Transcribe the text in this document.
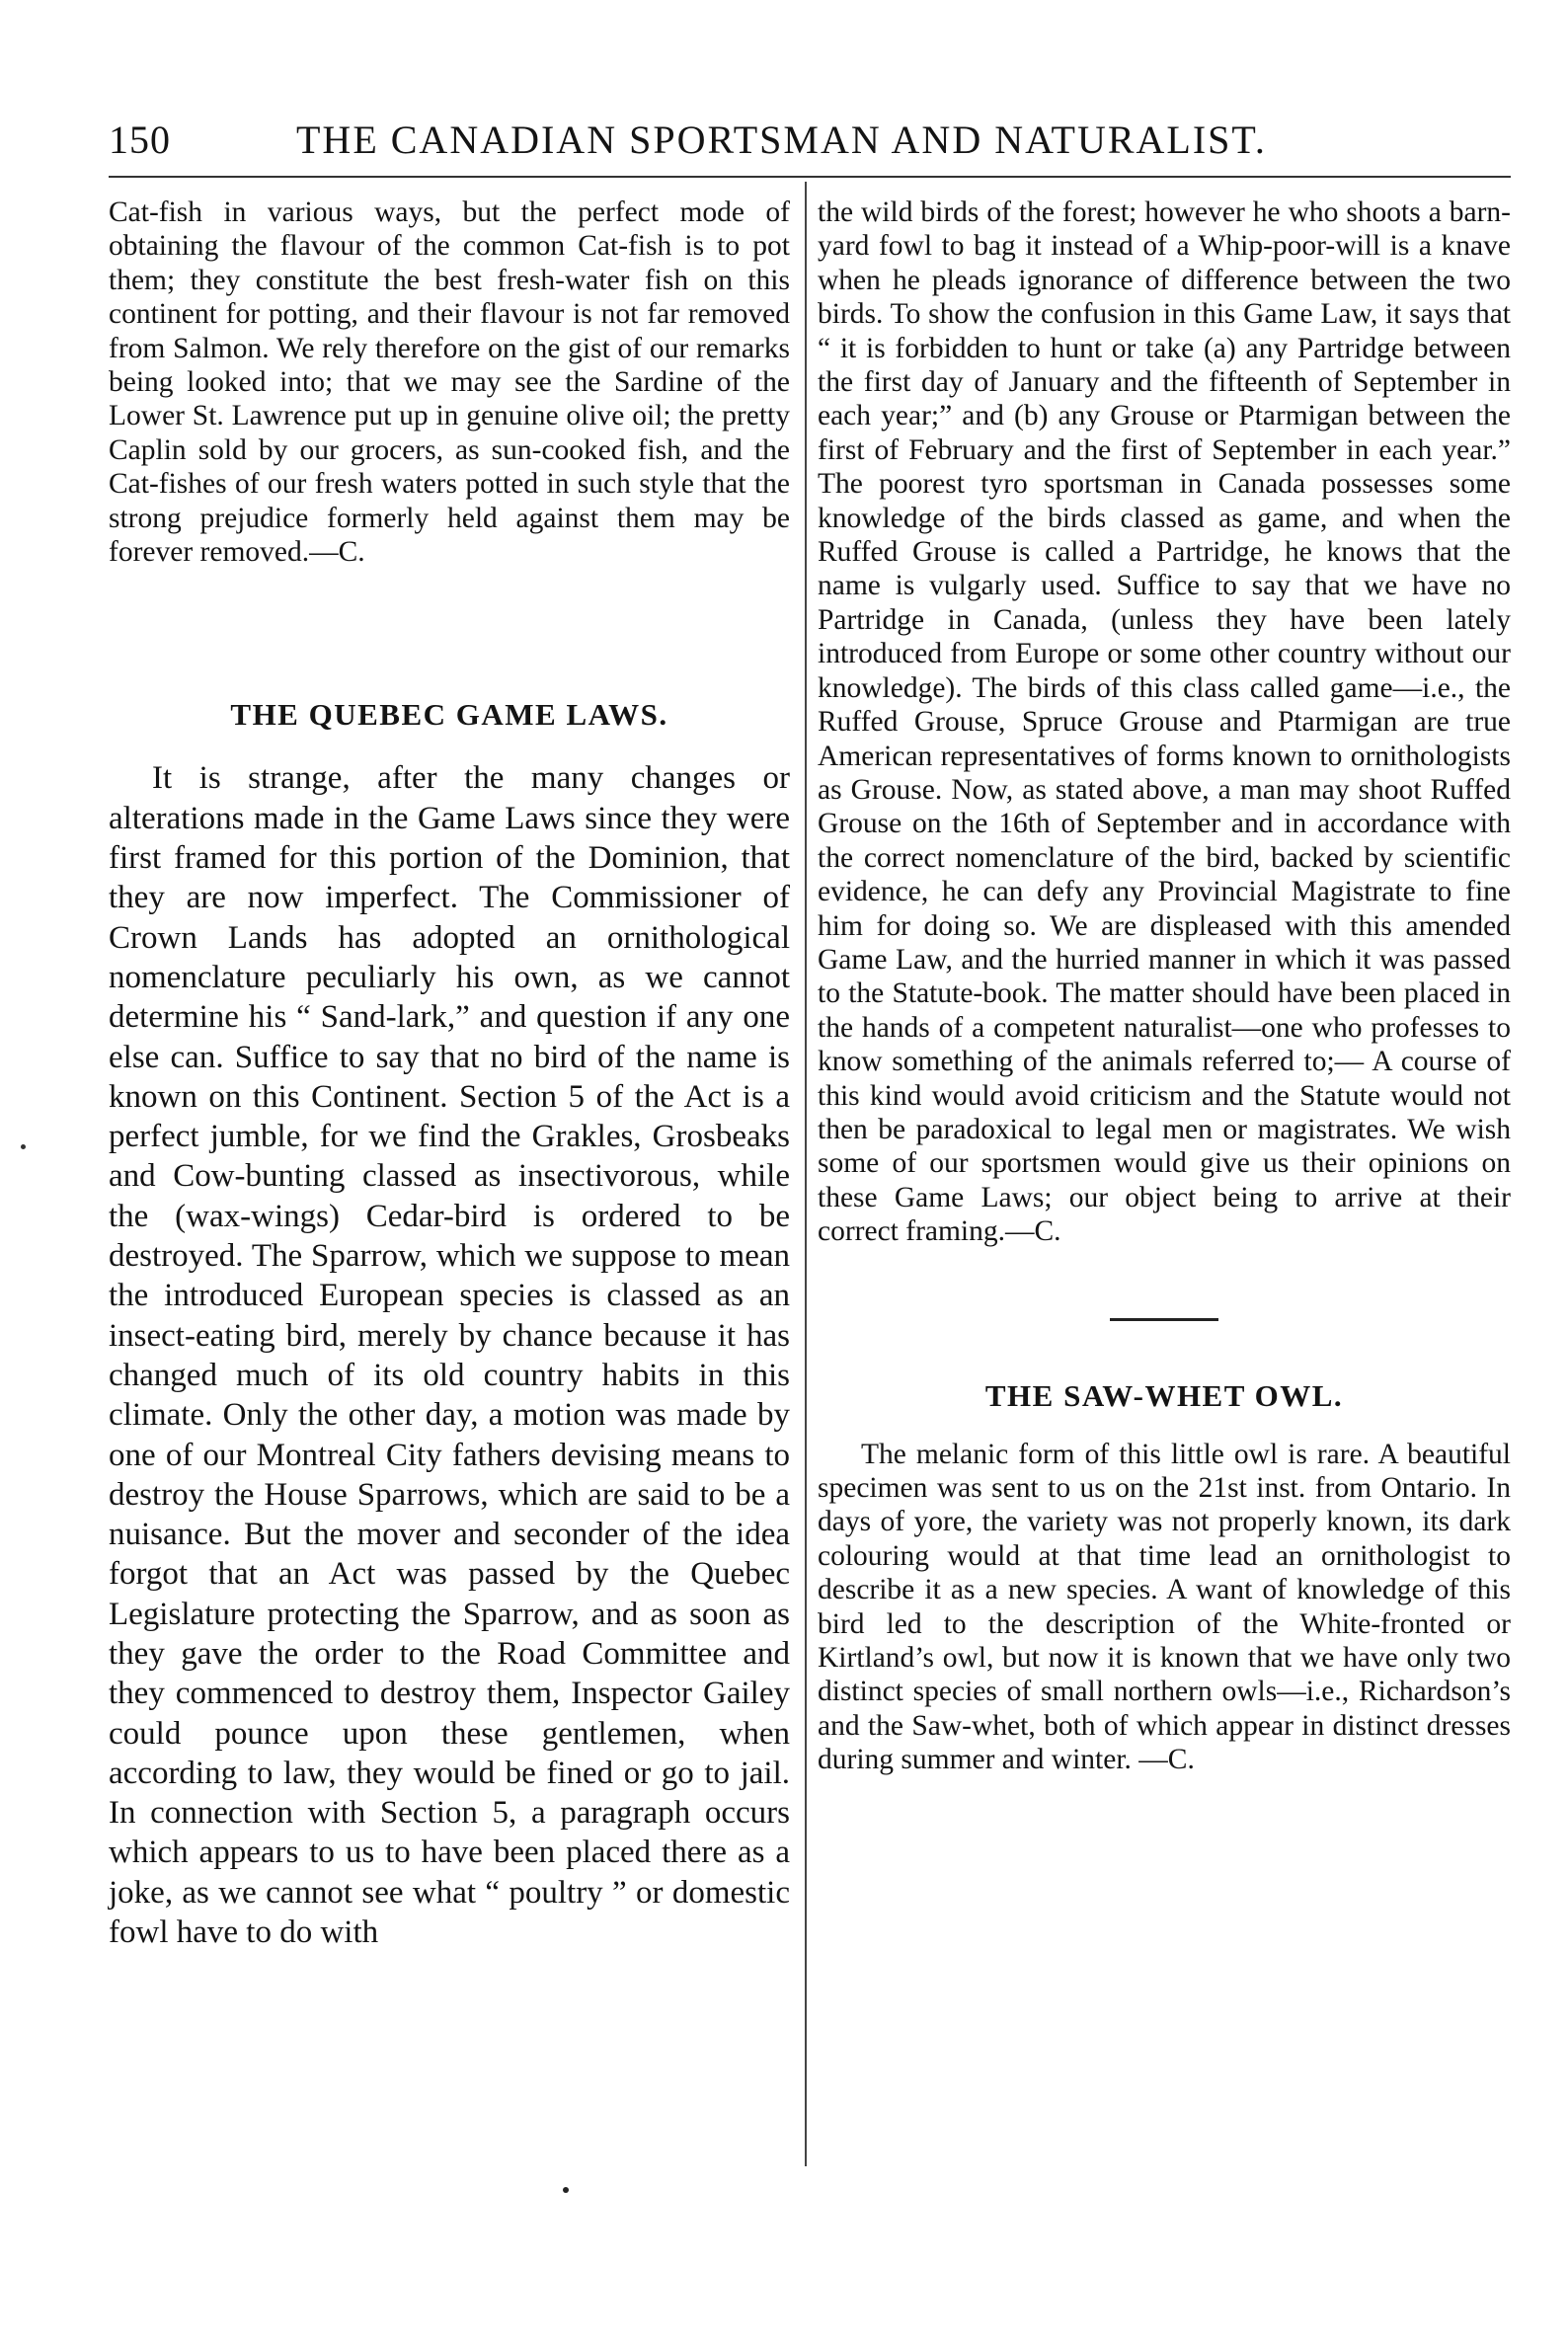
150	THE CANADIAN SPORTSMAN AND NATURALIST.

Cat-fish in various ways, but the perfect mode of obtaining the flavour of the common Cat-fish is to pot them; they constitute the best fresh-water fish on this continent for potting, and their flavour is not far removed from Salmon. We rely therefore on the gist of our remarks being looked into; that we may see the Sardine of the Lower St. Lawrence put up in genuine olive oil; the pretty Caplin sold by our grocers, as sun-cooked fish, and the Cat-fishes of our fresh waters potted in such style that the strong prejudice formerly held against them may be forever removed.—C.

THE QUEBEC GAME LAWS.

It is strange, after the many changes or alterations made in the Game Laws since they were first framed for this portion of the Dominion, that they are now imperfect. The Commissioner of Crown Lands has adopted an ornithological nomenclature peculiarly his own, as we cannot determine his “ Sand-lark,” and question if any one else can. Suffice to say that no bird of the name is known on this Continent. Section 5 of the Act is a perfect jumble, for we find the Grakles, Grosbeaks and Cow-bunting classed as insectivorous, while the (wax-wings) Cedar-bird is ordered to be destroyed. The Sparrow, which we suppose to mean the introduced European species is classed as an insect-eating bird, merely by chance because it has changed much of its old country habits in this climate. Only the other day, a motion was made by one of our Montreal City fathers devising means to destroy the House Sparrows, which are said to be a nuisance. But the mover and seconder of the idea forgot that an Act was passed by the Quebec Legislature protecting the Sparrow, and as soon as they gave the order to the Road Committee and they commenced to destroy them, Inspector Gailey could pounce upon these gentlemen, when according to law, they would be fined or go to jail. In connection with Section 5, a paragraph occurs which appears to us to have been placed there as a joke, as we cannot see what “ poultry ” or domestic fowl have to do with

the wild birds of the forest; however he who shoots a barn-yard fowl to bag it instead of a Whip-poor-will is a knave when he pleads ignorance of difference between the two birds. To show the confusion in this Game Law, it says that “ it is forbidden to hunt or take (a) any Partridge between the first day of January and the fifteenth of September in each year;” and (b) any Grouse or Ptarmigan between the first of February and the first of September in each year.” The poorest tyro sportsman in Canada possesses some knowledge of the birds classed as game, and when the Ruffed Grouse is called a Partridge, he knows that the name is vulgarly used. Suffice to say that we have no Partridge in Canada, (unless they have been lately introduced from Europe or some other country without our knowledge). The birds of this class called game—i.e., the Ruffed Grouse, Spruce Grouse and Ptarmigan are true American representatives of forms known to ornithologists as Grouse. Now, as stated above, a man may shoot Ruffed Grouse on the 16th of September and in accordance with the correct nomenclature of the bird, backed by scientific evidence, he can defy any Provincial Magistrate to fine him for doing so. We are displeased with this amended Game Law, and the hurried manner in which it was passed to the Statute-book. The matter should have been placed in the hands of a competent naturalist—one who professes to know something of the animals referred to;— A course of this kind would avoid criticism and the Statute would not then be paradoxical to legal men or magistrates. We wish some of our sportsmen would give us their opinions on these Game Laws; our object being to arrive at their correct framing.—C.

THE SAW-WHET OWL.

The melanic form of this little owl is rare. A beautiful specimen was sent to us on the 21st inst. from Ontario. In days of yore, the variety was not properly known, its dark colouring would at that time lead an ornithologist to describe it as a new species. A want of knowledge of this bird led to the description of the White-fronted or Kirtland’s owl, but now it is known that we have only two distinct species of small northern owls—i.e., Richardson’s and the Saw-whet, both of which appear in distinct dresses during summer and winter. —C.
